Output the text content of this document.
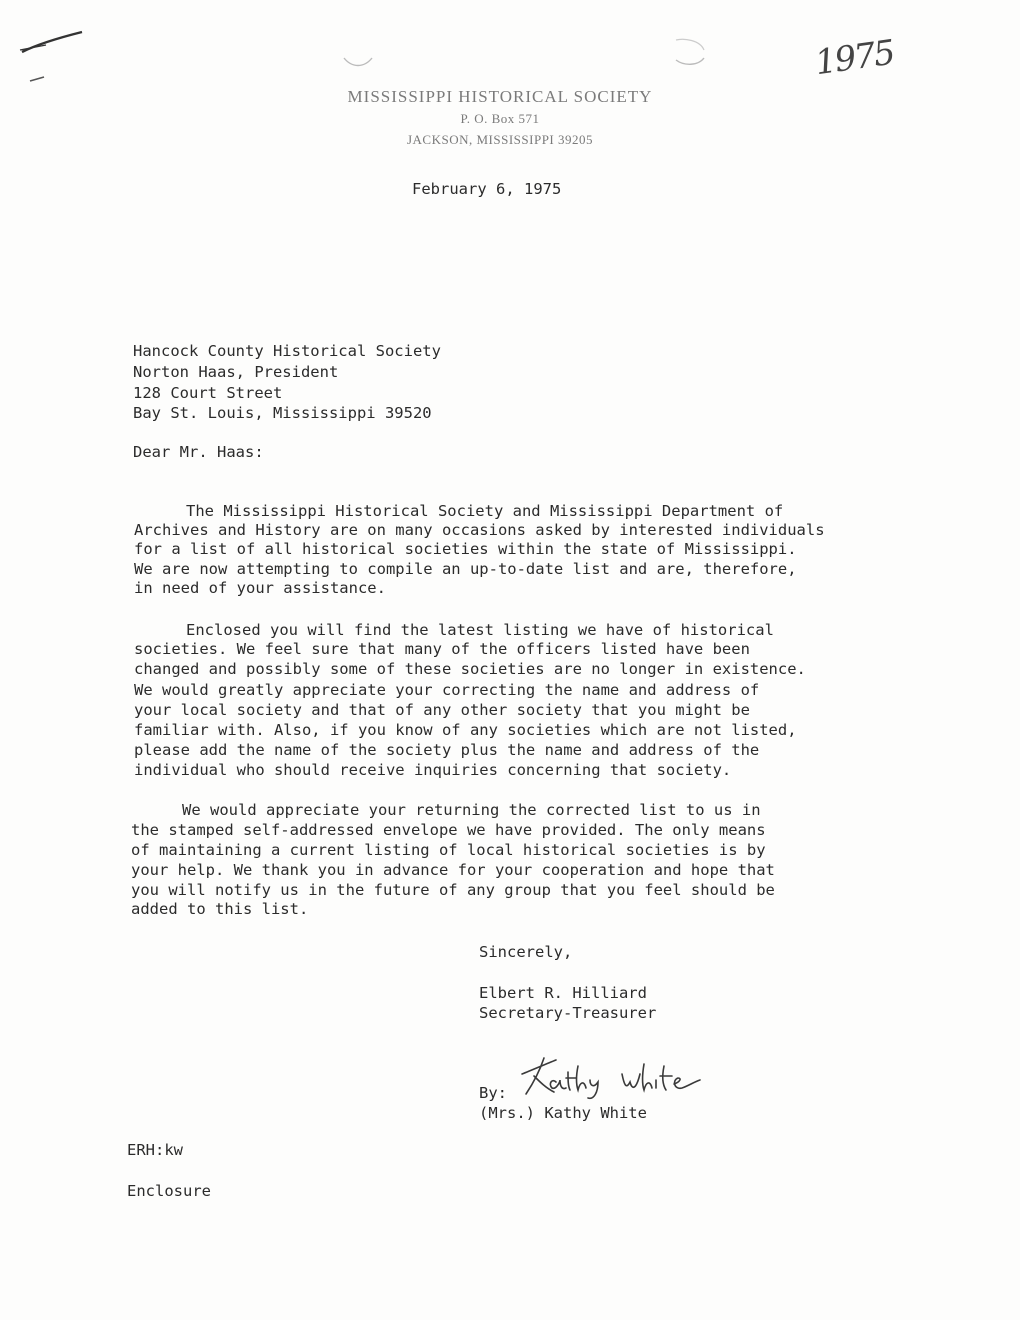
1975
MISSISSIPPI HISTORICAL SOCIETY
P. O. Box 571
JACKSON, MISSISSIPPI 39205
February 6, 1975
Hancock County Historical Society
Norton Haas, President
128 Court Street
Bay St. Louis, Mississippi 39520
Dear Mr. Haas:
The Mississippi Historical Society and Mississippi Department of
Archives and History are on many occasions asked by interested individuals
for a list of all historical societies within the state of Mississippi.
We are now attempting to compile an up-to-date list and are, therefore,
in need of your assistance.
Enclosed you will find the latest listing we have of historical
societies. We feel sure that many of the officers listed have been
changed and possibly some of these societies are no longer in existence.
We would greatly appreciate your correcting the name and address of
your local society and that of any other society that you might be
familiar with. Also, if you know of any societies which are not listed,
please add the name of the society plus the name and address of the
individual who should receive inquiries concerning that society.
We would appreciate your returning the corrected list to us in
the stamped self-addressed envelope we have provided. The only means
of maintaining a current listing of local historical societies is by
your help. We thank you in advance for your cooperation and hope that
you will notify us in the future of any group that you feel should be
added to this list.
Sincerely,
Elbert R. Hilliard
Secretary-Treasurer
By:
(Mrs.) Kathy White
ERH:kw
Enclosure
